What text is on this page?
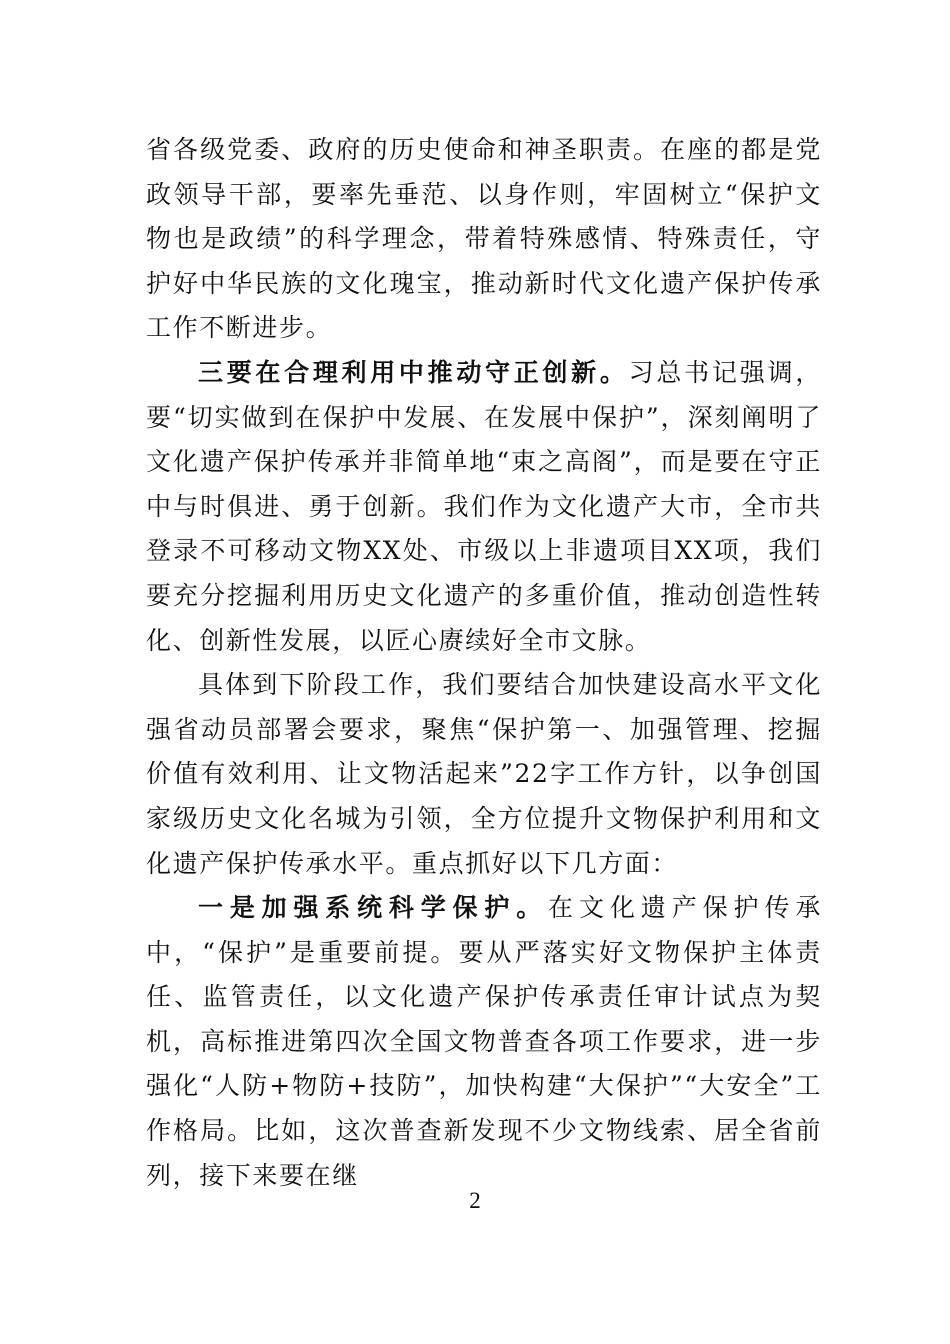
省各级党委、政府的历史使命和神圣职责。在座的都是党政领导干部，要率先垂范、以身作则，牢固树立“保护文物也是政绩”的科学理念，带着特殊感情、特殊责任，守护好中华民族的文化瑰宝，推动新时代文化遗产保护传承工作不断进步。

三要在合理利用中推动守正创新。习总书记强调，要“切实做到在保护中发展、在发展中保护”，深刻阐明了文化遗产保护传承并非简单地“束之高阁”，而是要在守正中与时俱进、勇于创新。我们作为文化遗产大市，全市共登录不可移动文物XX处、市级以上非遗项目XX项，我们要充分挖掘利用历史文化遗产的多重价值，推动创造性转化、创新性发展，以匠心赓续好全市文脉。

具体到下阶段工作，我们要结合加快建设高水平文化强省动员部署会要求，聚焦“保护第一、加强管理、挖掘价值有效利用、让文物活起来”22字工作方针，以争创国家级历史文化名城为引领，全方位提升文物保护利用和文化遗产保护传承水平。重点抓好以下几方面：

一是加强系统科学保护。在文化遗产保护传承中，“保护”是重要前提。要从严落实好文物保护主体责任、监管责任，以文化遗产保护传承责任审计试点为契机，高标推进第四次全国文物普查各项工作要求，进一步强化“人防+物防+技防”，加快构建“大保护”“大安全”工作格局。比如，这次普查新发现不少文物线索、居全省前列，接下来要在继

2
